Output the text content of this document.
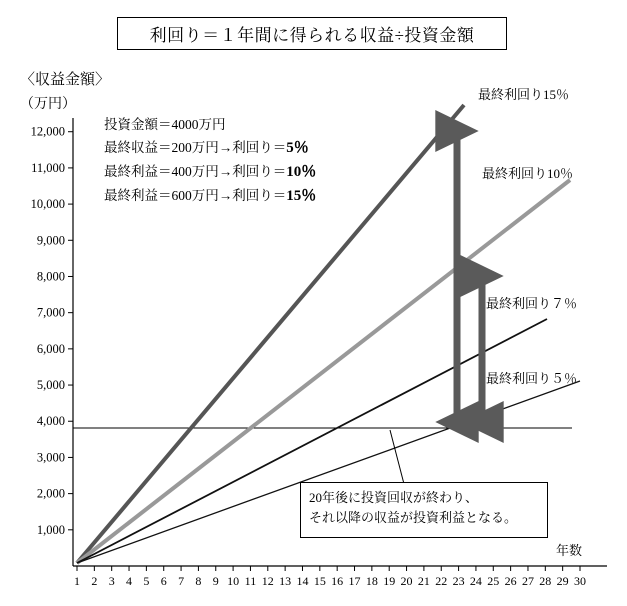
利回り＝１年間に得られる収益÷投資金額
〈収益金額〉
（万円）
年数
投資金額＝4000万円
最終収益＝200万円→利回り＝5％
最終利益＝400万円→利回り＝10％
最終利益＝600万円→利回り＝15％
最終利回り15％
最終利回り10％
最終利回り７％
最終利回り５％
1,000
2,000
3,000
4,000
5,000
6,000
7,000
8,000
9,000
10,000
11,000
12,000
1 2 3 4 5 6 7 8 9 10 11 12 13 14 15 16 17 18 19 20 21 22 23 24 25 26 27 28 29 30
20年後に投資回収が終わり、
それ以降の収益が投資利益となる。
